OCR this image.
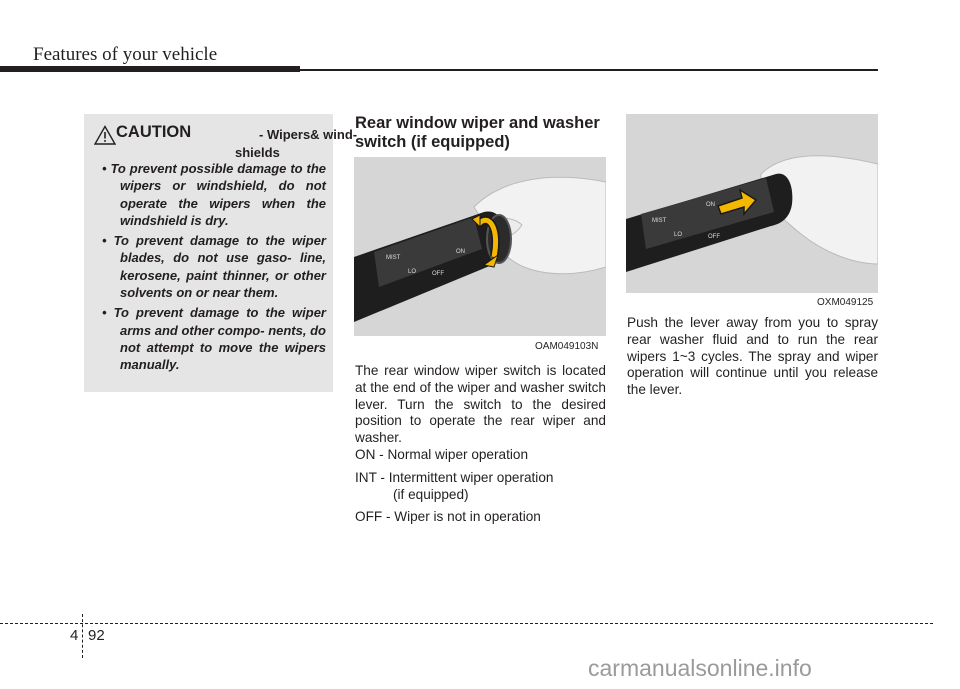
Features of your vehicle
CAUTION	- Wipers& wind-
shields
• To prevent possible damage to the wipers or windshield, do not operate the wipers when the windshield is dry.
• To prevent damage to the wiper blades, do not use gaso- line, kerosene, paint thinner, or other solvents on or near them.
• To prevent damage to the wiper arms and other compo- nents, do not attempt to move the wipers manually.
Rear window wiper and washer switch (if equipped)
MIST
LO	OFF
ON
OAM049103N
The rear window wiper switch is located at the end of the wiper and washer switch lever. Turn the switch to the desired position to operate the rear wiper and washer.
ON - Normal wiper operation
INT - Intermittent wiper operation
(if equipped)
OFF - Wiper is not in operation
MIST
LO	OFF
ON
OXM049125
Push the lever away from you to spray rear washer fluid and to run the rear wipers 1~3 cycles. The spray and wiper operation will continue until you release the lever.
4 92
carmanualsonline.info
